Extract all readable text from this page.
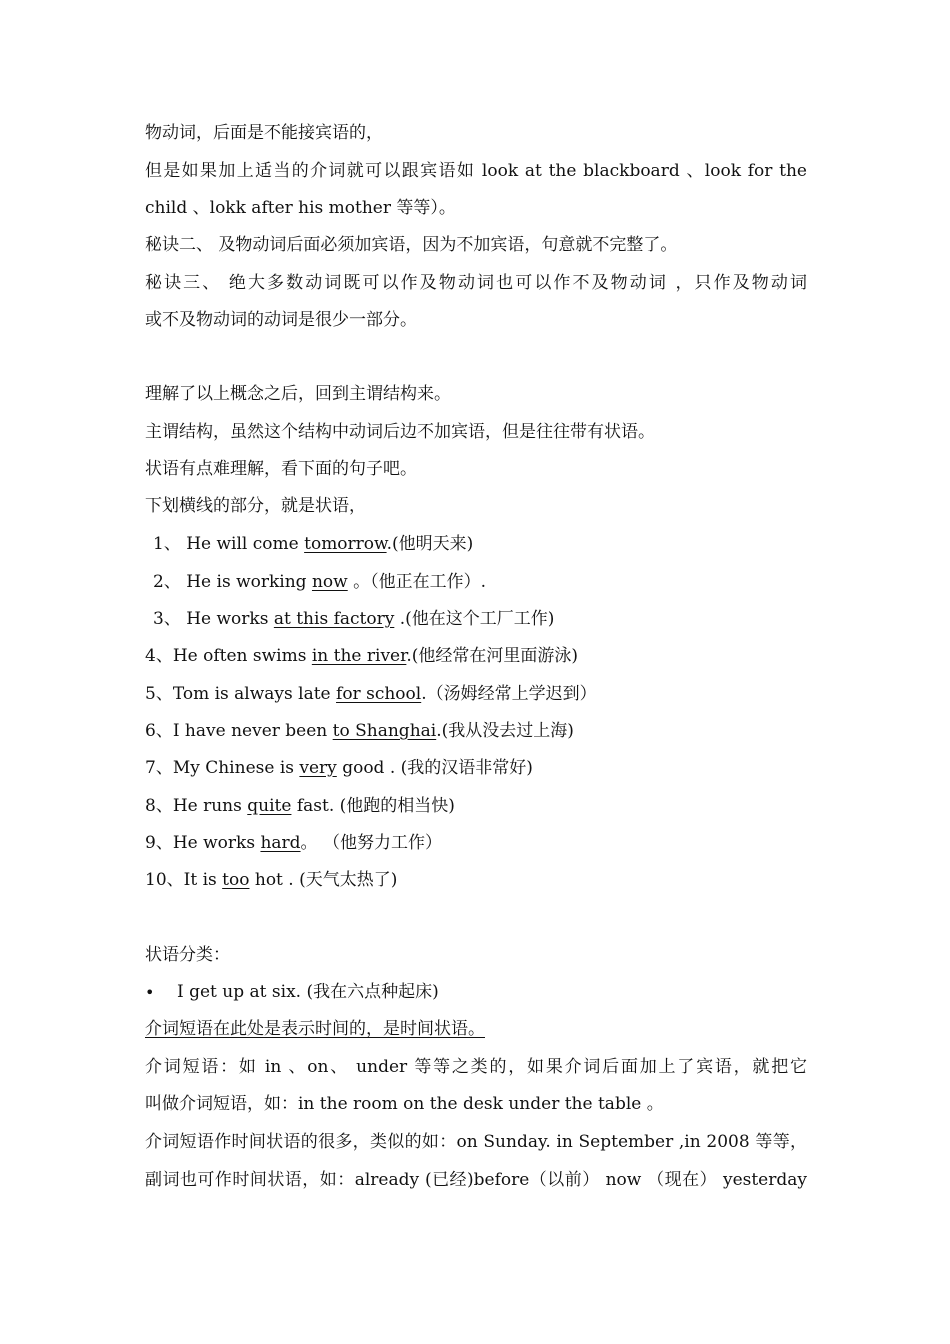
物动词，后面是不能接宾语的，
但是如果加上适当的介词就可以跟宾语如 look at the blackboard 、look for the
child 、lokk after his mother 等等）。
秘诀二、 及物动词后面必须加宾语，因为不加宾语，句意就不完整了。
秘诀三、 绝大多数动词既可以作及物动词也可以作不及物动词 ，只作及物动词
或不及物动词的动词是很少一部分。
理解了以上概念之后，回到主谓结构来。
主谓结构，虽然这个结构中动词后边不加宾语，但是往往带有状语。
状语有点难理解，看下面的句子吧。
下划横线的部分，就是状语，
1、 He will come tomorrow.(他明天来)
2、 He is working now 。（他正在工作）.
3、 He works at this factory .(他在这个工厂工作)
4、He often swims in the river.(他经常在河里面游泳)
5、Tom is always late for school.（汤姆经常上学迟到）
6、I have never been to Shanghai.(我从没去过上海)
7、My Chinese is very good . (我的汉语非常好)
8、He runs quite fast. (他跑的相当快)
9、He works hard。 （他努力工作）
10、It is too hot . (天气太热了)
状语分类：
• I get up at six. (我在六点种起床)
介词短语在此处是表示时间的，是时间状语。
介词短语：如 in 、on、 under 等等之类的，如果介词后面加上了宾语，就把它
叫做介词短语，如：in the room on the desk under the table 。
介词短语作时间状语的很多，类似的如：on Sunday. in September ,in 2008 等等，
副词也可作时间状语，如：already (已经)before（以前） now （现在） yesterday
